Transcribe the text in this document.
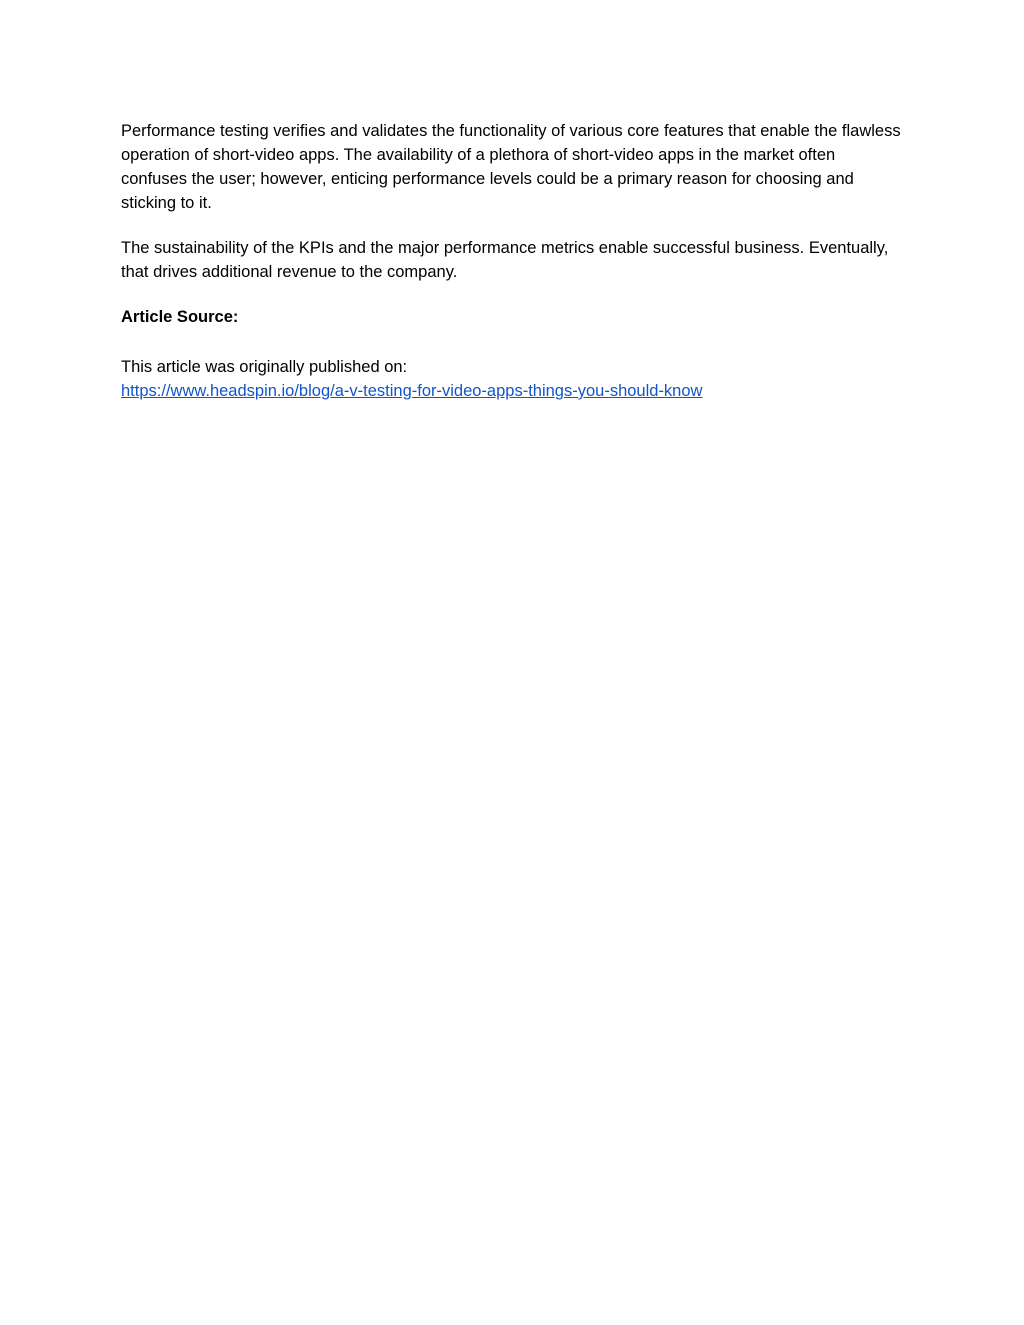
Performance testing verifies and validates the functionality of various core features that enable the flawless operation of short-video apps. The availability of a plethora of short-video apps in the market often confuses the user; however, enticing performance levels could be a primary reason for choosing and sticking to it.

The sustainability of the KPIs and the major performance metrics enable successful business. Eventually, that drives additional revenue to the company.

Article Source:

This article was originally published on:
https://www.headspin.io/blog/a-v-testing-for-video-apps-things-you-should-know
